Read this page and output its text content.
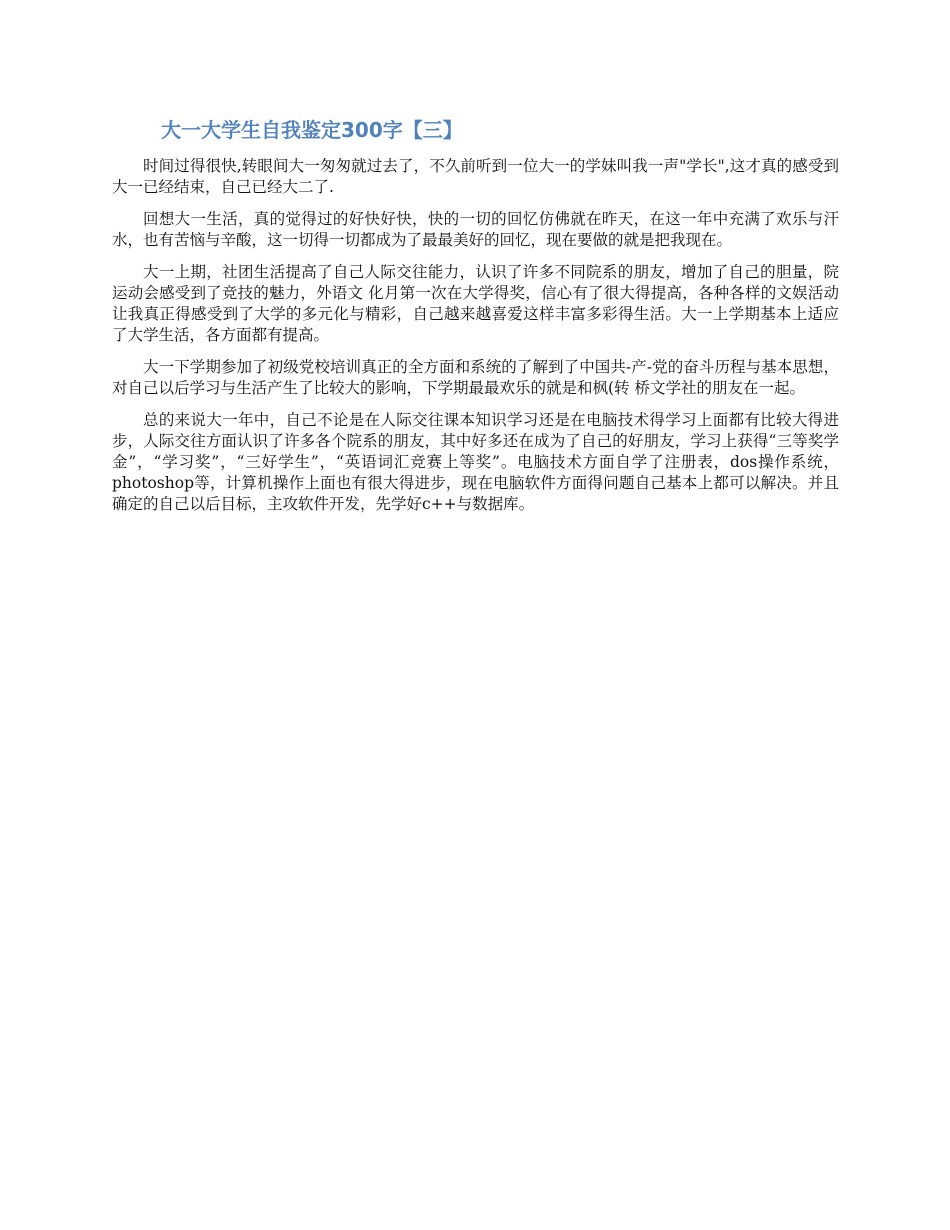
大一大学生自我鉴定300字【三】

时间过得很快,转眼间大一匆匆就过去了，不久前听到一位大一的学妹叫我一声"学长",这才真的感受到大一已经结束，自己已经大二了.

回想大一生活，真的觉得过的好快好快，快的一切的回忆仿佛就在昨天，在这一年中充满了欢乐与汗水，也有苦恼与辛酸，这一切得一切都成为了最最美好的回忆，现在要做的就是把我现在。

大一上期，社团生活提高了自己人际交往能力，认识了许多不同院系的朋友，增加了自己的胆量，院运动会感受到了竞技的魅力，外语文 化月第一次在大学得奖，信心有了很大得提高，各种各样的文娱活动让我真正得感受到了大学的多元化与精彩，自己越来越喜爱这样丰富多彩得生活。大一上学期基本上适应了大学生活，各方面都有提高。

大一下学期参加了初级党校培训真正的全方面和系统的了解到了中国共-产-党的奋斗历程与基本思想，对自己以后学习与生活产生了比较大的影响，下学期最最欢乐的就是和枫(转 桥文学社的朋友在一起。

总的来说大一年中，自己不论是在人际交往课本知识学习还是在电脑技术得学习上面都有比较大得进步，人际交往方面认识了许多各个院系的朋友，其中好多还在成为了自己的好朋友，学习上获得“三等奖学金”，“学习奖”，“三好学生”，“英语词汇竞赛上等奖”。电脑技术方面自学了注册表，dos操作系统，photoshop等，计算机操作上面也有很大得进步，现在电脑软件方面得问题自己基本上都可以解决。并且确定的自己以后目标，主攻软件开发，先学好c++与数据库。
